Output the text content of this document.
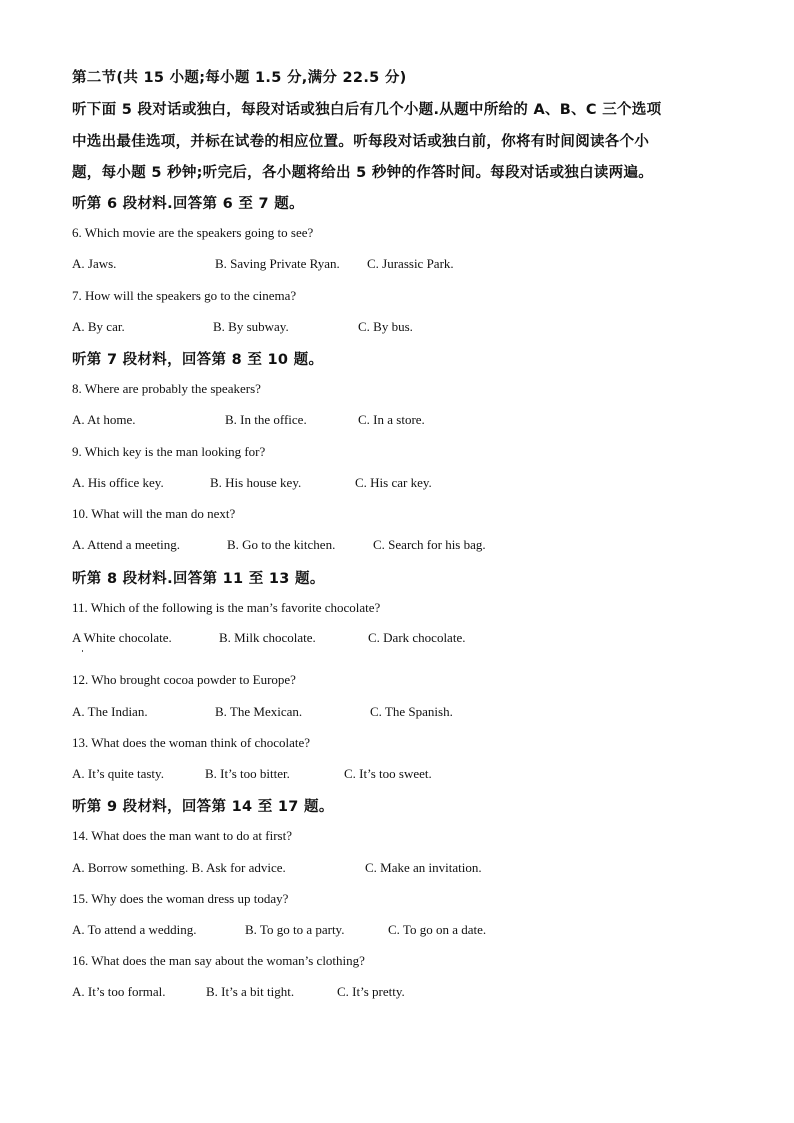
第二节(共 15 小题;每小题 1.5 分,满分 22.5 分)
听下面 5 段对话或独白，每段对话或独白后有几个小题.从题中所给的 A、B、C 三个选项
中选出最佳选项，并标在试卷的相应位置。听每段对话或独白前，你将有时间阅读各个小
题，每小题 5 秒钟;听完后，各小题将给出 5 秒钟的作答时间。每段对话或独白读两遍。
听第 6 段材料.回答第 6 至 7 题。
6. Which movie are the speakers going to see?
A. Jaws.	B. Saving Private Ryan. C. Jurassic Park.
7. How will the speakers go to the cinema?
A. By car.	B. By subway.	C. By bus.
听第 7 段材料，回答第 8 至 10 题。
8. Where are probably the speakers?
A. At home.	B. In the office.	C. In a store.
9. Which key is the man looking for?
A. His office key.	B. His house key.	C. His car key.
10. What will the man do next?
A. Attend a meeting.	B. Go to the kitchen.	C. Search for his bag.
听第 8 段材料.回答第 11 至 13 题。
11. Which of the following is the man’s favorite chocolate?
A White chocolate.	B. Milk chocolate.	C. Dark chocolate.
12. Who brought cocoa powder to Europe?
A. The Indian.	B. The Mexican.	C. The Spanish.
13. What does the woman think of chocolate?
A. It’s quite tasty.	B. It’s too bitter.	C. It’s too sweet.
听第 9 段材料，回答第 14 至 17 题。
14. What does the man want to do at first?
A. Borrow something. B. Ask for advice.	C. Make an invitation.
15. Why does the woman dress up today?
A. To attend a wedding.	B. To go to a party.	C. To go on a date.
16. What does the man say about the woman’s clothing?
A. It’s too formal.	B. It’s a bit tight.	C. It’s pretty.
